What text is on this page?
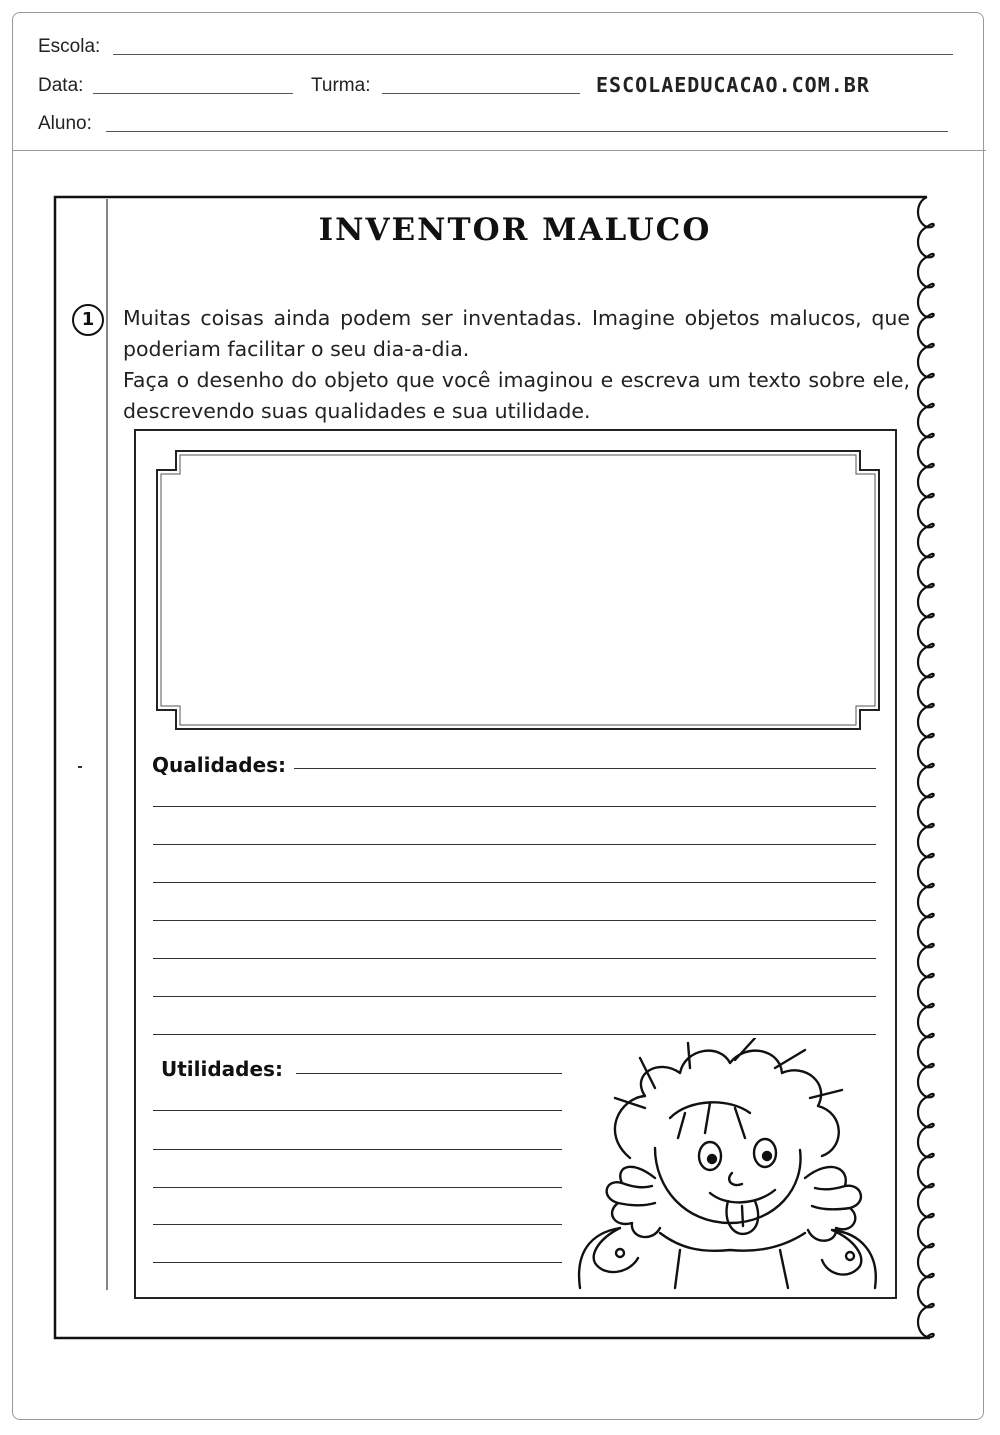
Escola:
Data:	Turma:	ESCOLAEDUCACAO.COM.BR
Aluno:
INVENTOR MALUCO
1	Muitas coisas ainda podem ser inventadas. Imagine objetos malucos, que poderiam facilitar o seu dia-a-dia.

Faça o desenho do objeto que você imaginou e escreva um texto sobre ele, descrevendo suas qualidades e sua utilidade.

Qualidades:
Utilidades:
